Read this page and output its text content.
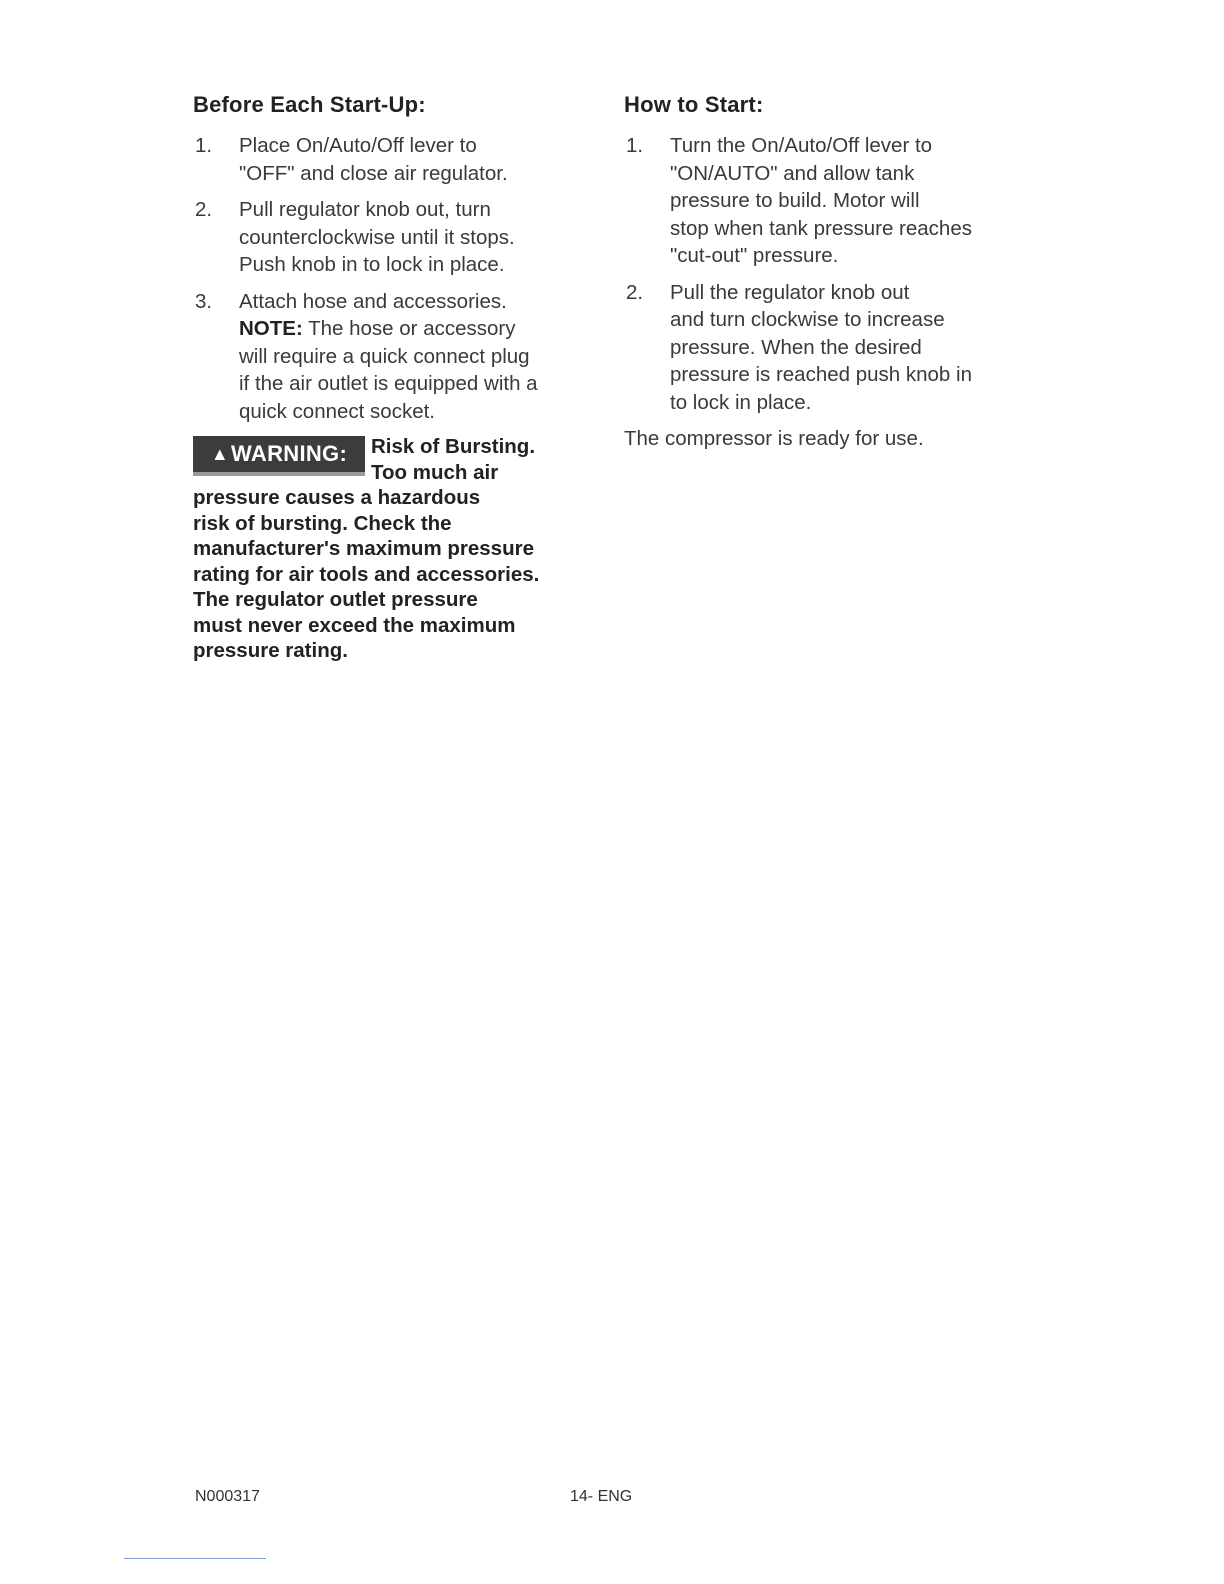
Before Each Start-Up:
1. Place On/Auto/Off lever to
"OFF" and close air regulator.
2. Pull regulator knob out, turn
counterclockwise until it stops.
Push knob in to lock in place.
3. Attach hose and accessories.
NOTE: The hose or accessory
will require a quick connect plug
if the air outlet is equipped with a
quick connect socket.
▲WARNING:	Risk of Bursting.
Too much air
pressure causes a hazardous
risk of bursting. Check the
manufacturer's maximum pressure
rating for air tools and accessories.
The regulator outlet pressure
must never exceed the maximum
pressure rating.
How to Start:
1. Turn the On/Auto/Off lever to
"ON/AUTO" and allow tank
pressure to build. Motor will
stop when tank pressure reaches
"cut-out" pressure.
2. Pull the regulator knob out
and turn clockwise to increase
pressure. When the desired
pressure is reached push knob in
to lock in place.
The compressor is ready for use.
N000317	14- ENG
